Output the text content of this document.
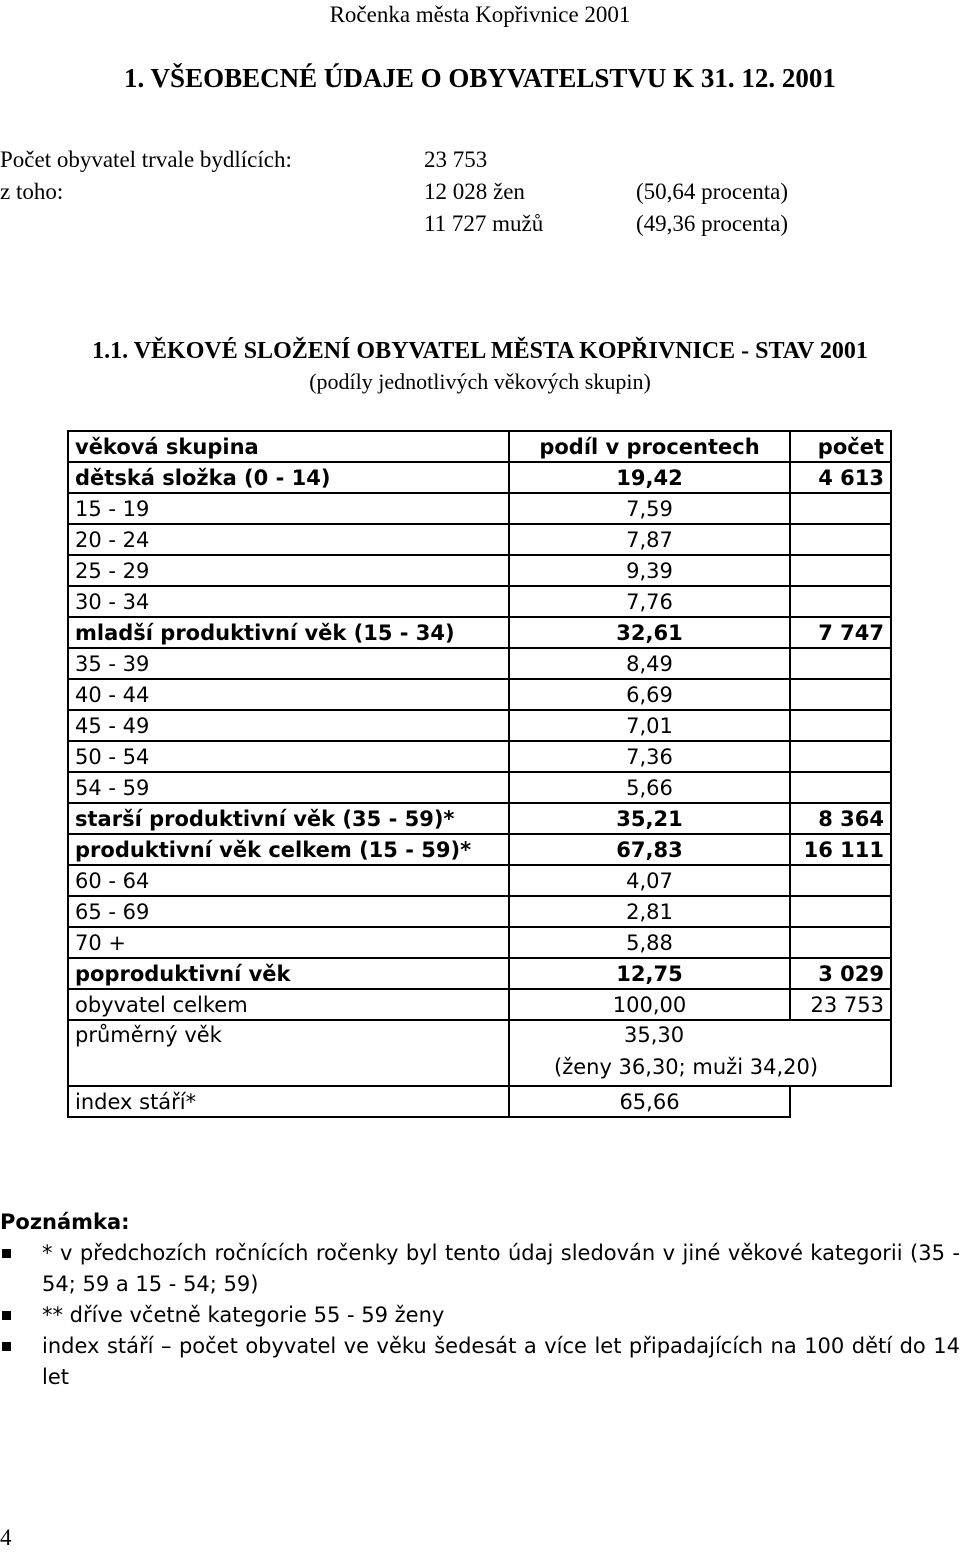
Ročenka města Kopřivnice 2001
1. VŠEOBECNÉ ÚDAJE O OBYVATELSTVU K 31. 12. 2001
Počet obyvatel trvale bydlících:	23 753
z toho:	12 028 žen	(50,64 procenta)
11 727 mužů	(49,36 procenta)
1.1. VĚKOVÉ SLOŽENÍ OBYVATEL MĚSTA KOPŘIVNICE - STAV 2001
(podíly jednotlivých věkových skupin)
věková skupina	podíl v procentech	počet
dětská složka (0 - 14)	19,42	4 613
15 - 19	7,59	
20 - 24	7,87	
25 - 29	9,39	
30 - 34	7,76	
mladší produktivní věk (15 - 34)	32,61	7 747
35 - 39	8,49	
40 - 44	6,69	
45 - 49	7,01	
50 - 54	7,36	
54 - 59	5,66	
starší produktivní věk (35 - 59)*	35,21	8 364
produktivní věk celkem (15 - 59)*	67,83	16 111
60 - 64	4,07	
65 - 69	2,81	
70 +	5,88	
poproduktivní věk	12,75	3 029
obyvatel celkem	100,00	23 753
průměrný věk	35,30
(ženy 36,30; muži 34,20)	

index stáří*	65,66	
Poznámka:
* v předchozích ročnících ročenky byl tento údaj sledován v jiné věkové kategorii (35 - 54; 59 a 15 - 54; 59)
** dříve včetně kategorie 55 - 59 ženy
index stáří – počet obyvatel ve věku šedesát a více let připadajících na 100 dětí do 14 let
4
